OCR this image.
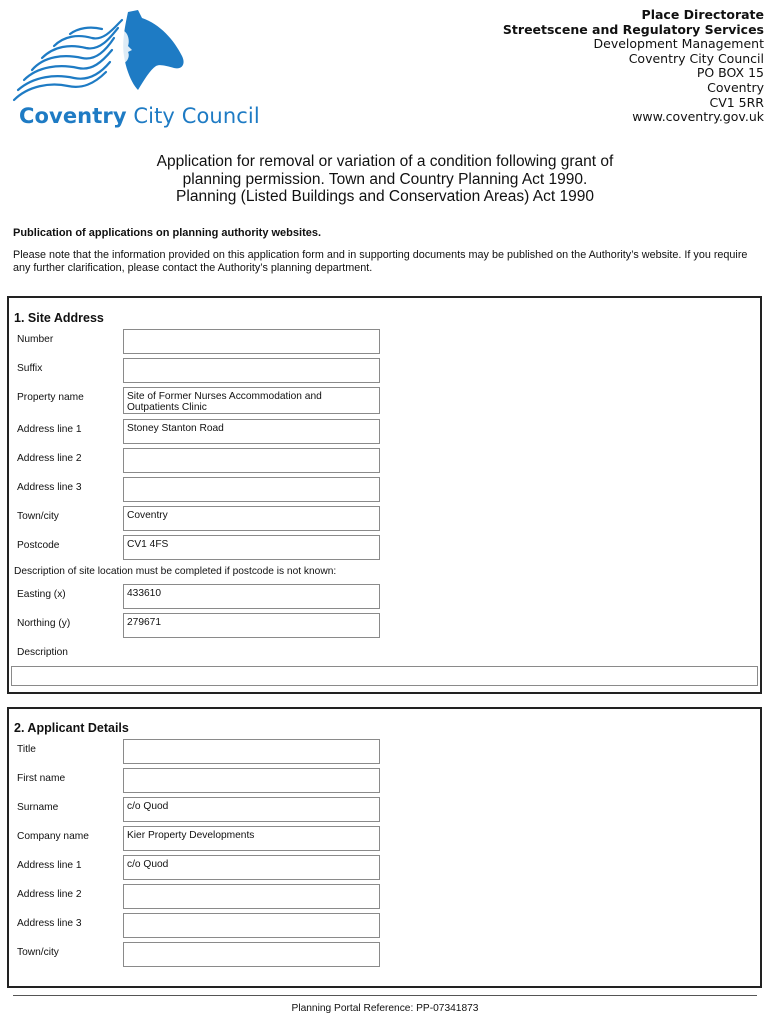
Coventry City Council
Place Directorate
Streetscene and Regulatory Services
Development Management
Coventry City Council
PO BOX 15
Coventry
CV1 5RR
www.coventry.gov.uk
Application for removal or variation of a condition following grant of
planning permission. Town and Country Planning Act 1990.
Planning (Listed Buildings and Conservation Areas) Act 1990
Publication of applications on planning authority websites.
Please note that the information provided on this application form and in supporting documents may be published on the Authority’s website. If you require any further clarification, please contact the Authority’s planning department.
1. Site Address
Number
Suffix
Property name	Site of Former Nurses Accommodation and Outpatients Clinic
Address line 1	Stoney Stanton Road
Address line 2
Address line 3
Town/city	Coventry
Postcode	CV1 4FS
Description of site location must be completed if postcode is not known:
Easting (x)	433610
Northing (y)	279671
Description
2. Applicant Details
Title
First name
Surname	c/o Quod
Company name	Kier Property Developments
Address line 1	c/o Quod
Address line 2
Address line 3
Town/city
Planning Portal Reference: PP-07341873
